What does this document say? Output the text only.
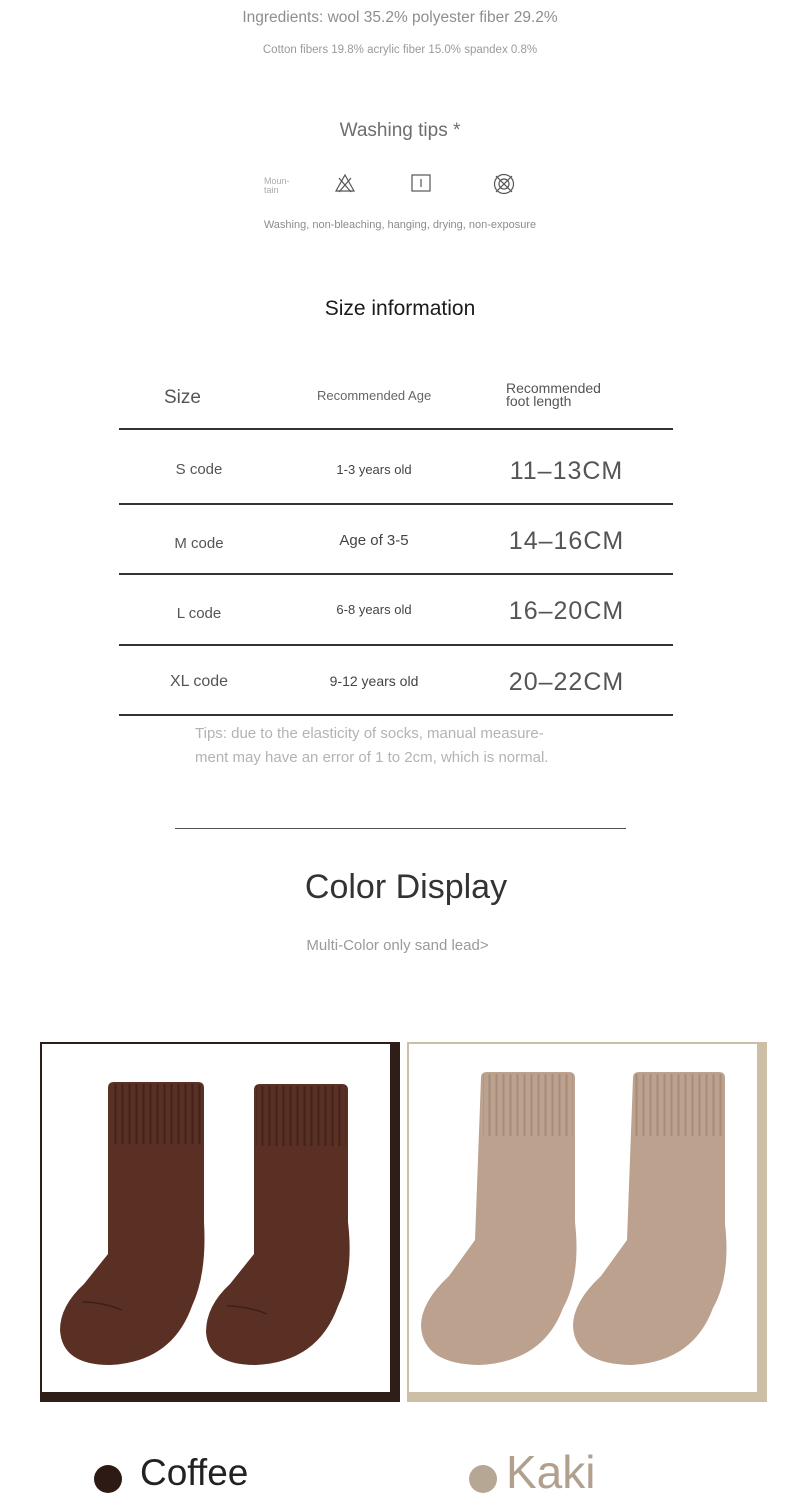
Ingredients: wool 35.2% polyester fiber 29.2%
Cotton fibers 19.8% acrylic fiber 15.0% spandex 0.8%
Washing tips *
Moun-
tain
Washing, non-bleaching, hanging, drying, non-exposure
Size information
Size	Recommended Age	Recommended
foot length
S code	1-3 years old	11–13CM
M code	Age of 3-5	14–16CM
L code	6-8 years old	16–20CM
XL code	9-12 years old	20–22CM
Tips: due to the elasticity of socks, manual measure-
ment may have an error of 1 to 2cm, which is normal.
Color Display
Multi-Color only sand lead>
Coffee	Kaki
